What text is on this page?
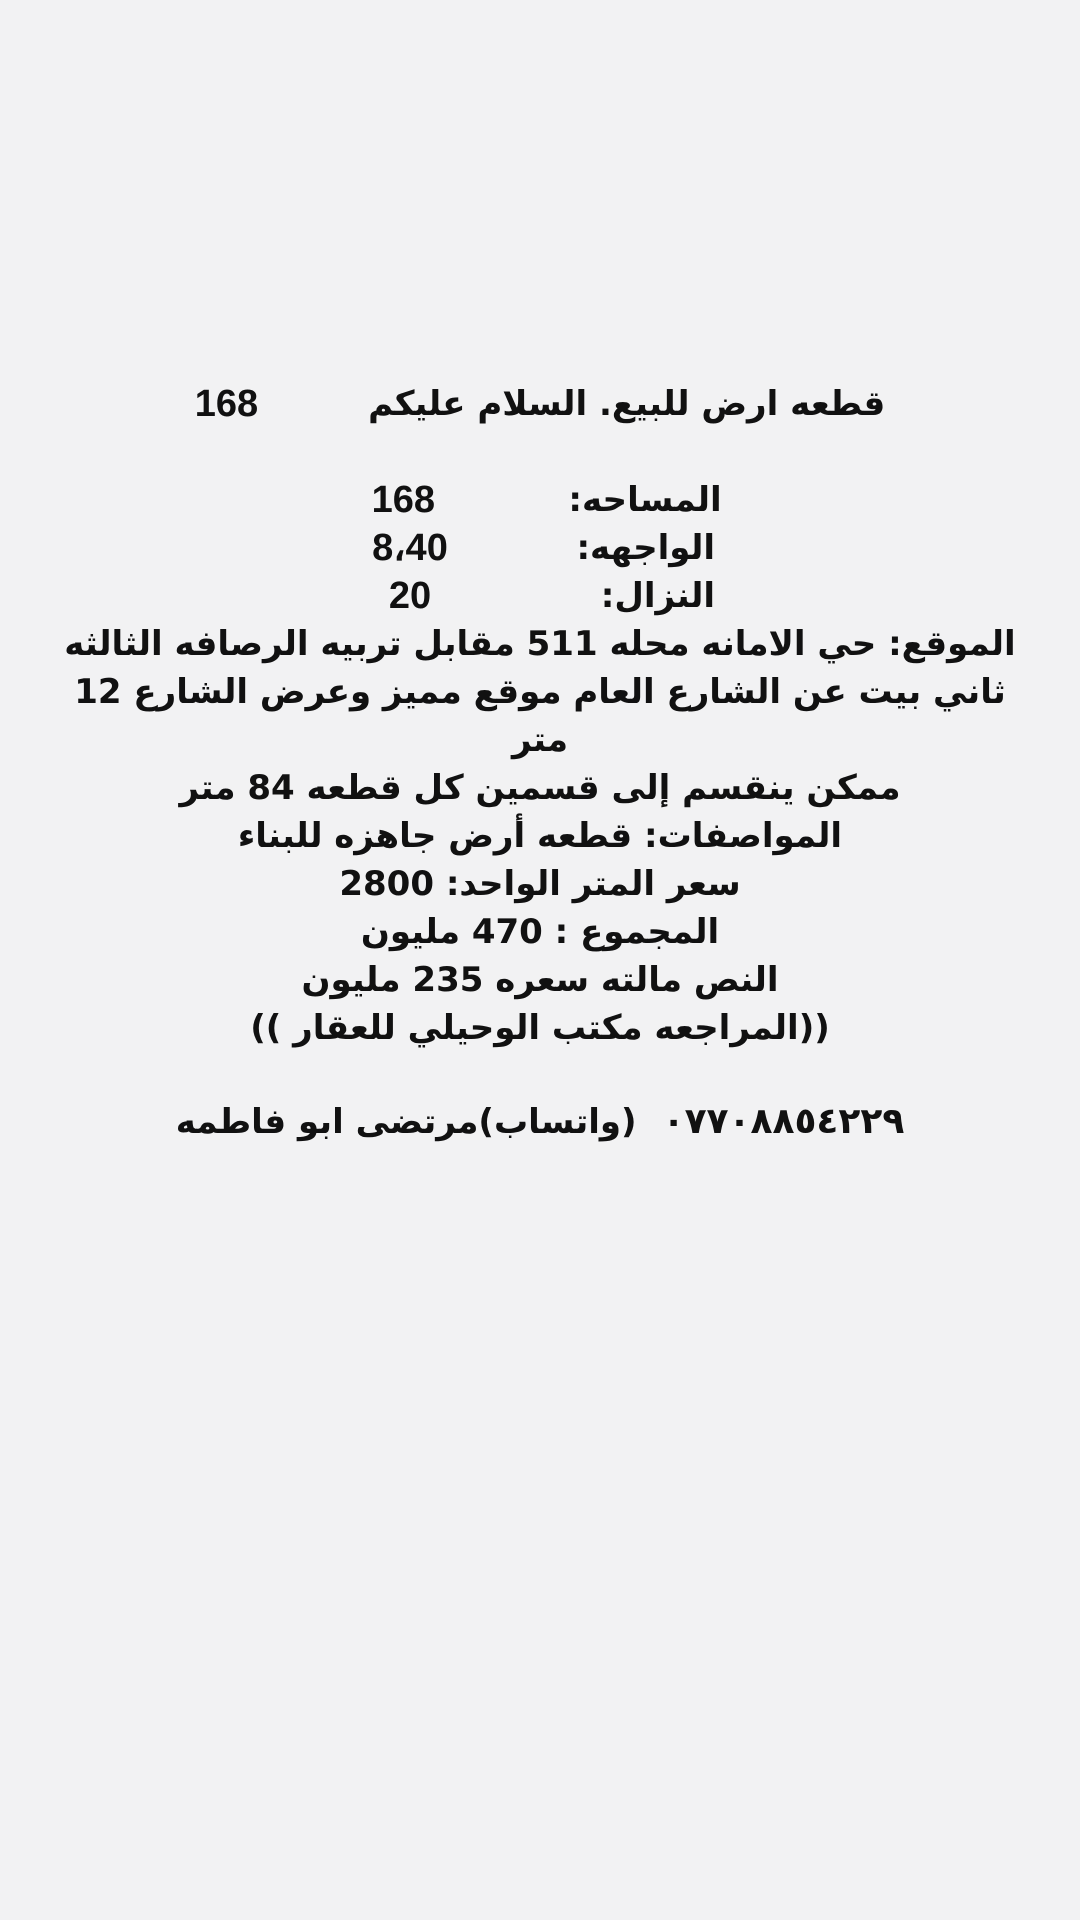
قطعه ارض للبيع. السلام عليكم
168
المساحه:
168
الواجهه:
8،40
النزال:
20
الموقع: حي الامانه محله 511 مقابل تربيه الرصافه الثالثه
ثاني بيت عن الشارع العام موقع مميز وعرض الشارع 12
متر
ممكن ينقسم إلى قسمين كل قطعه 84 متر
المواصفات: قطعه أرض جاهزه للبناء
سعر المتر الواحد: 2800
المجموع : 470 مليون
النص مالته سعره 235 مليون
((المراجعه مكتب الوحيلي للعقار ))
٠٧٧٠٨٨٥٤٢٢٩
(واتساب)مرتضى ابو فاطمه
